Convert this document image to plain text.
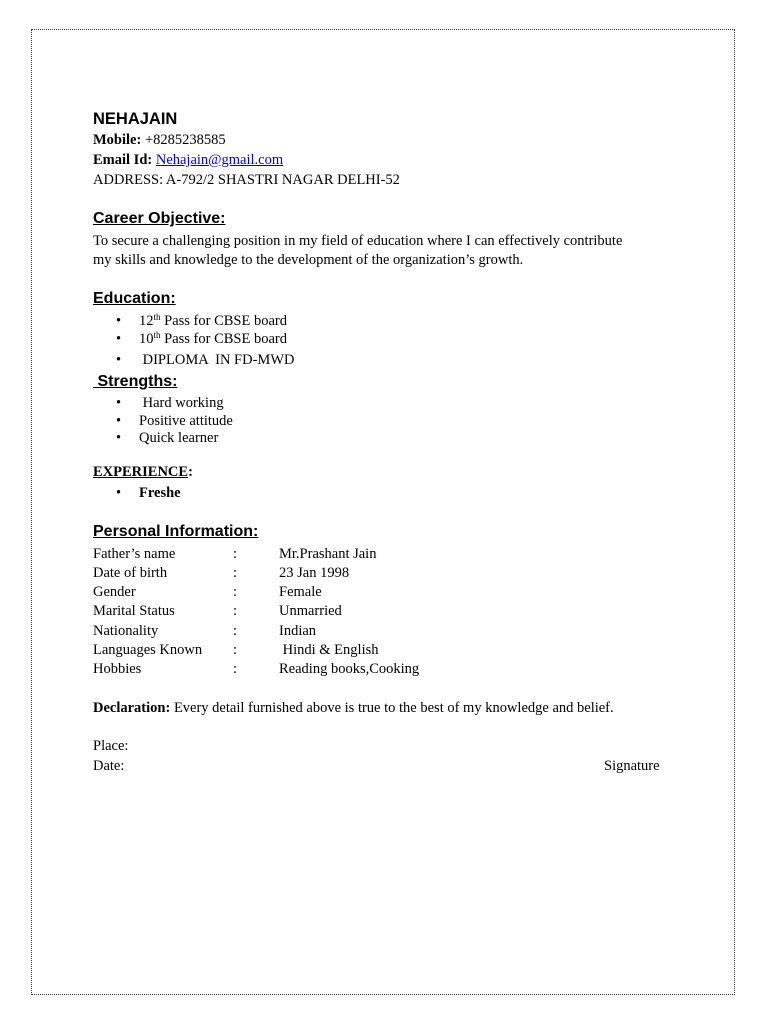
NEHAJAIN
Mobile: +8285238585
Email Id: Nehajain@gmail.com
ADDRESS: A-792/2 SHASTRI NAGAR DELHI-52
Career Objective:
To secure a challenging position in my field of education where I can effectively contribute
my skills and knowledge to the development of the organization’s growth.
Education:
• 12th Pass for CBSE board
• 10th Pass for CBSE board
• DIPLOMA  IN FD-MWD
Strengths:
• Hard working
• Positive attitude
• Quick learner
EXPERIENCE:
• Freshe
Personal Information:
Father’s name	:	Mr.Prashant Jain
Date of birth	:	23 Jan 1998
Gender	:	Female
Marital Status	:	Unmarried
Nationality	:	Indian
Languages Known :	Hindi & English
Hobbies	:	Reading books,Cooking
Declaration: Every detail furnished above is true to the best of my knowledge and belief.
Place:
Date:	Signature
